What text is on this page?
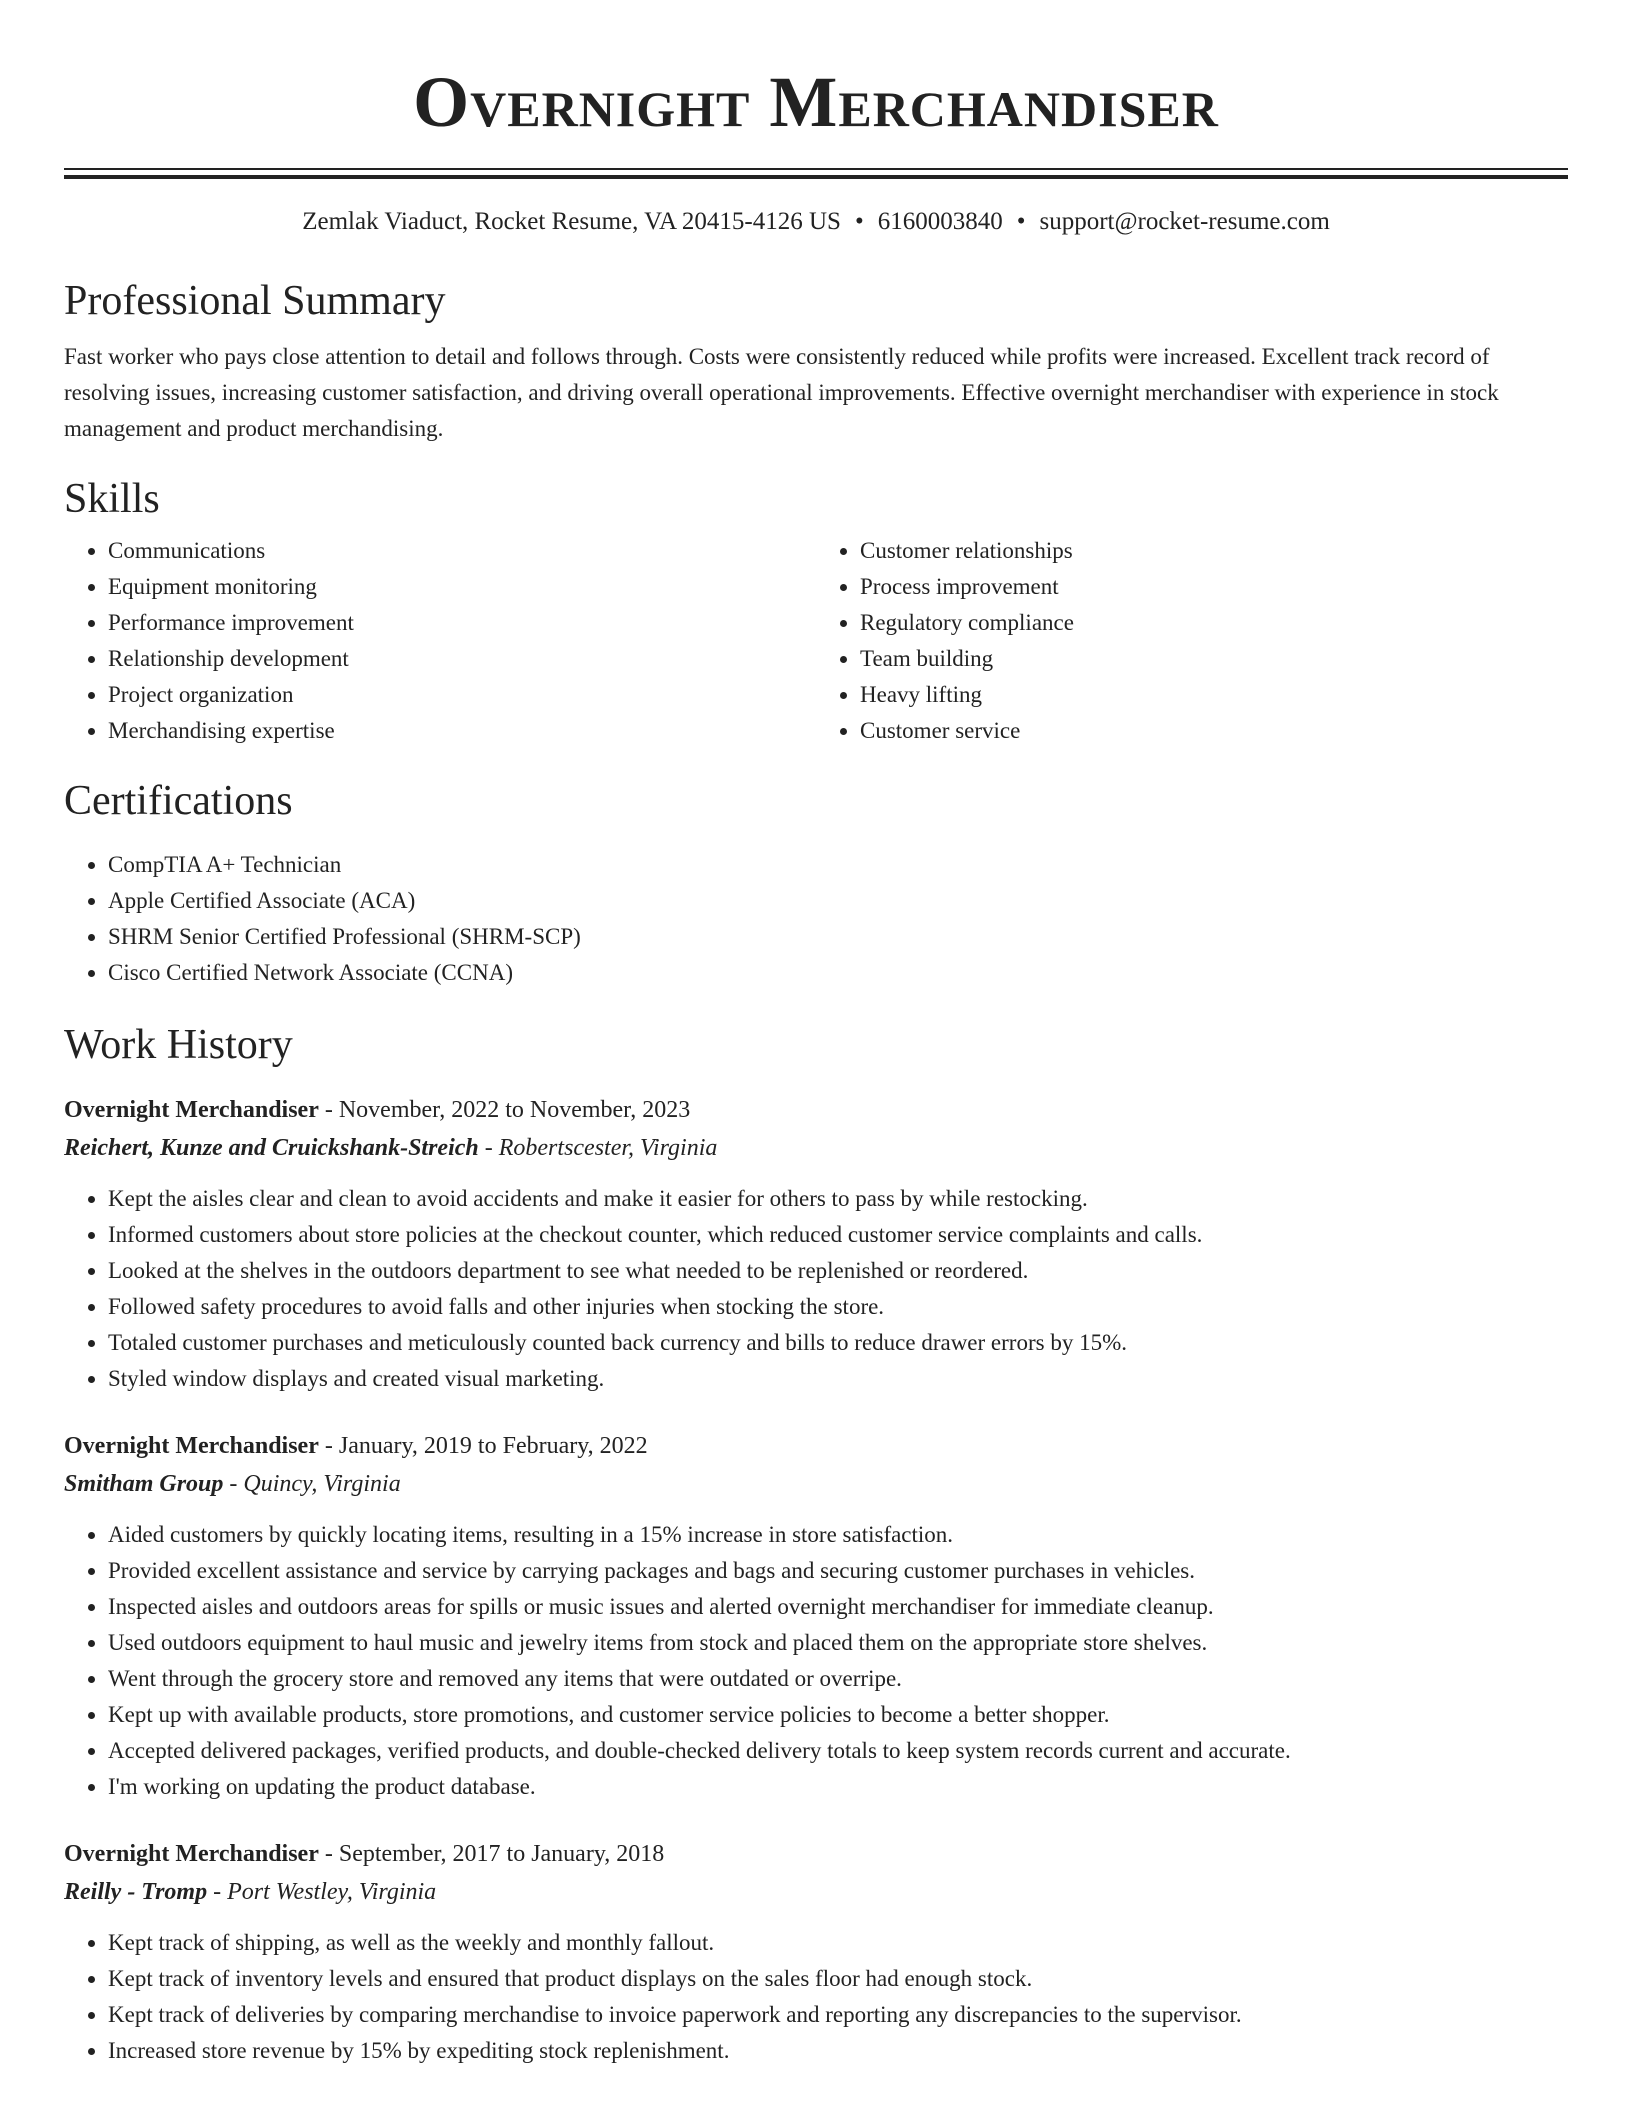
Overnight Merchandiser
Zemlak Viaduct, Rocket Resume, VA 20415-4126 US • 6160003840 • support@rocket-resume.com
Professional Summary

Fast worker who pays close attention to detail and follows through. Costs were consistently reduced while profits were increased. Excellent track record of resolving issues, increasing customer satisfaction, and driving overall operational improvements. Effective overnight merchandiser with experience in stock management and product merchandising.

Skills
• Communications
• Equipment monitoring
• Performance improvement
• Relationship development
• Project organization
• Merchandising expertise
• Customer relationships
• Process improvement
• Regulatory compliance
• Team building
• Heavy lifting
• Customer service
Certifications
• CompTIA A+ Technician
• Apple Certified Associate (ACA)
• SHRM Senior Certified Professional (SHRM-SCP)
• Cisco Certified Network Associate (CCNA)
Work History
Overnight Merchandiser - November, 2022 to November, 2023
Reichert, Kunze and Cruickshank-Streich - Robertscester, Virginia
• Kept the aisles clear and clean to avoid accidents and make it easier for others to pass by while restocking.
• Informed customers about store policies at the checkout counter, which reduced customer service complaints and calls.
• Looked at the shelves in the outdoors department to see what needed to be replenished or reordered.
• Followed safety procedures to avoid falls and other injuries when stocking the store.
• Totaled customer purchases and meticulously counted back currency and bills to reduce drawer errors by 15%.
• Styled window displays and created visual marketing.
Overnight Merchandiser - January, 2019 to February, 2022
Smitham Group - Quincy, Virginia
• Aided customers by quickly locating items, resulting in a 15% increase in store satisfaction.
• Provided excellent assistance and service by carrying packages and bags and securing customer purchases in vehicles.
• Inspected aisles and outdoors areas for spills or music issues and alerted overnight merchandiser for immediate cleanup.
• Used outdoors equipment to haul music and jewelry items from stock and placed them on the appropriate store shelves.
• Went through the grocery store and removed any items that were outdated or overripe.
• Kept up with available products, store promotions, and customer service policies to become a better shopper.
• Accepted delivered packages, verified products, and double-checked delivery totals to keep system records current and accurate.
• I'm working on updating the product database.
Overnight Merchandiser - September, 2017 to January, 2018
Reilly - Tromp - Port Westley, Virginia
• Kept track of shipping, as well as the weekly and monthly fallout.
• Kept track of inventory levels and ensured that product displays on the sales floor had enough stock.
• Kept track of deliveries by comparing merchandise to invoice paperwork and reporting any discrepancies to the supervisor.
• Increased store revenue by 15% by expediting stock replenishment.
